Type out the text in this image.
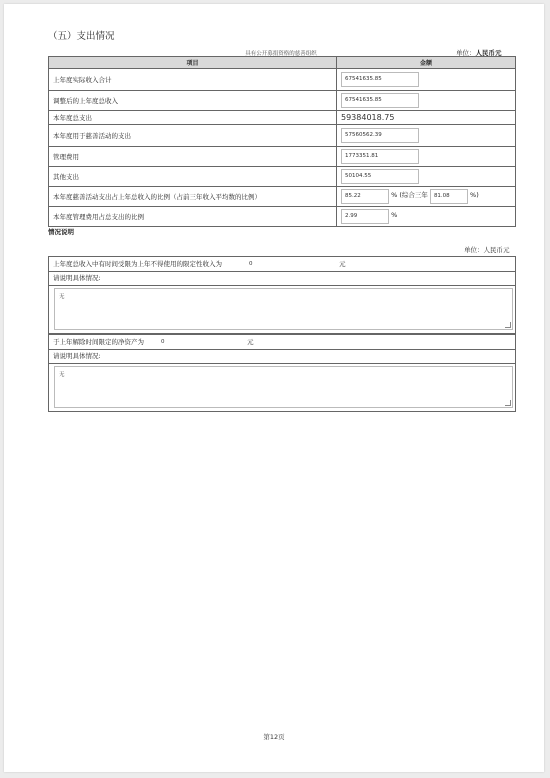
（五）支出情况
具有公开募捐资格的慈善组织	单位：人民币元
项目	金额
上年度实际收入合计	67541635.85
调整后的上年度总收入	67541635.85
本年度总支出	59384018.75
本年度用于慈善活动的支出	57560562.39
管理费用	1773351.81
其他支出	50104.55
本年度慈善活动支出占上年总收入的比例（占前三年收入平均数的比例）	85.22 % (综合三年 81.08 %)
本年度管理费用占总支出的比例	2.99 %
情况说明
单位：人民币元
上年度总收入中有时间受限为上年不得使用的限定性收入为	0	元
请说明具体情况:
无
于上年解除时间限定的净资产为	0	元
请说明具体情况:
无
第12页
